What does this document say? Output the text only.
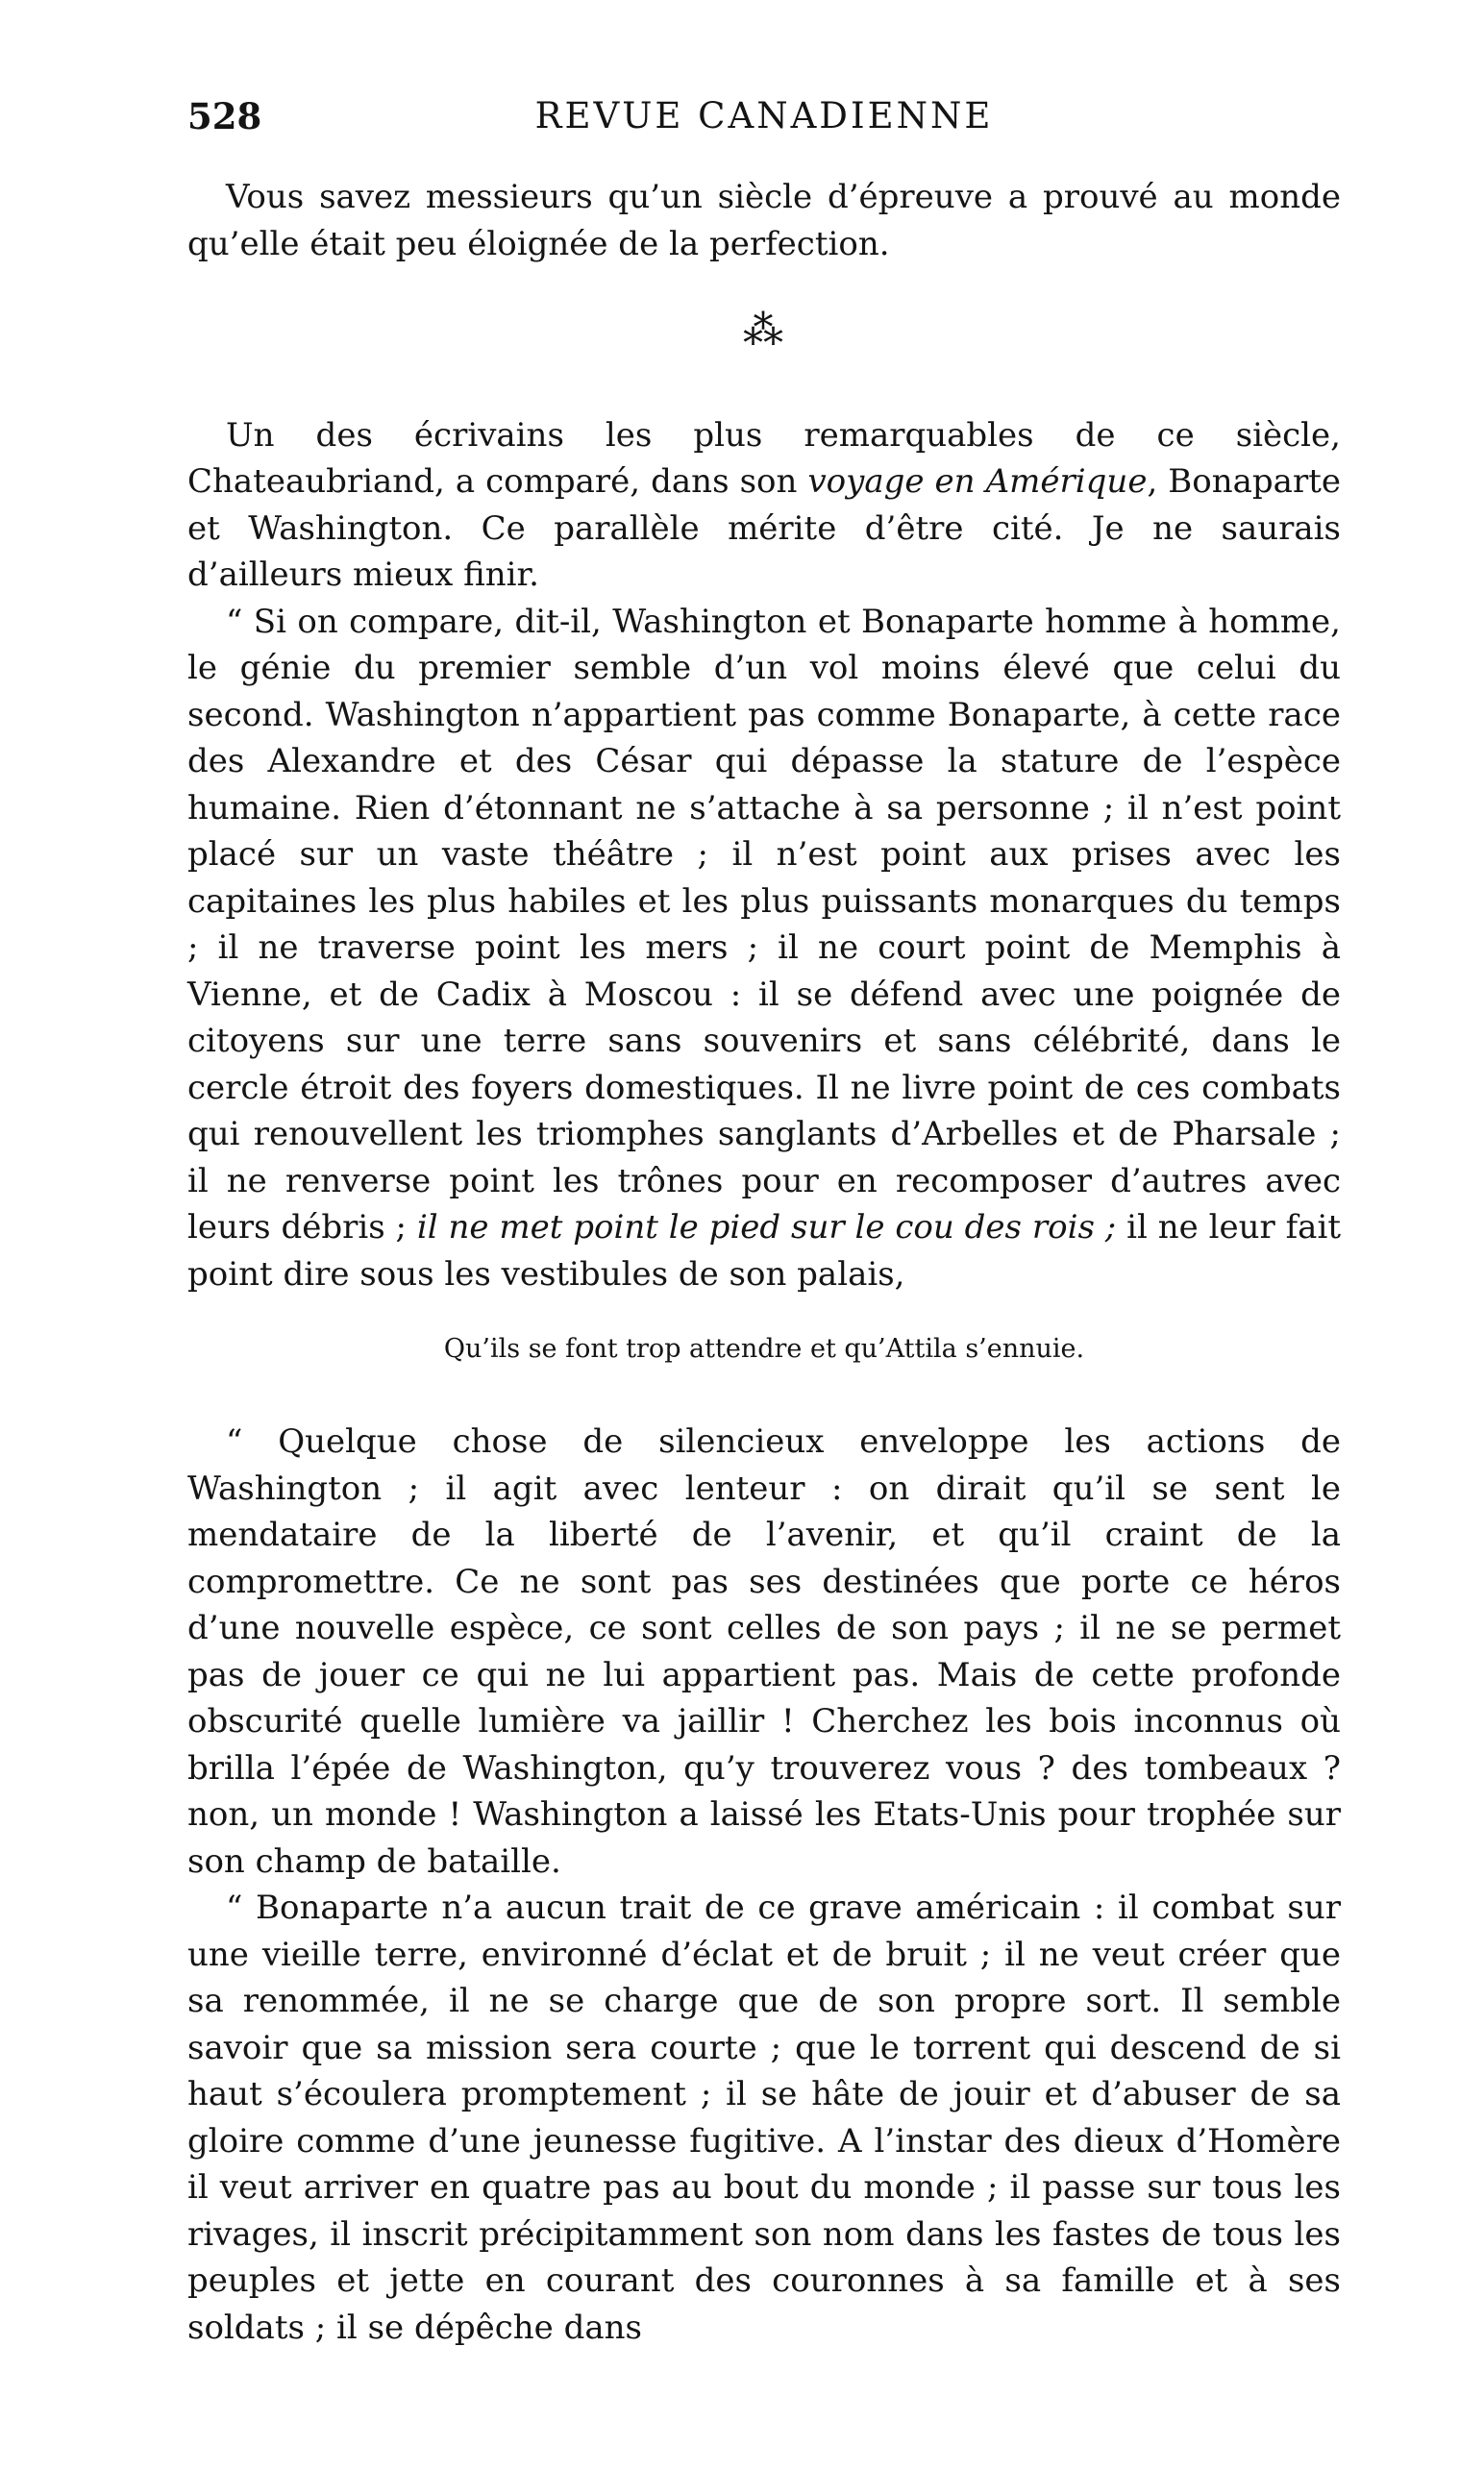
528	REVUE CANADIENNE

Vous savez messieurs qu’un siècle d’épreuve a prouvé au monde qu’elle était peu éloignée de la perfection.

⁂

Un des écrivains les plus remarquables de ce siècle, Chateaubriand, a comparé, dans son voyage en Amérique, Bonaparte et Washington. Ce parallèle mérite d’être cité. Je ne saurais d’ailleurs mieux finir.

“ Si on compare, dit-il, Washington et Bonaparte homme à homme, le génie du premier semble d’un vol moins élevé que celui du second. Washington n’appartient pas comme Bonaparte, à cette race des Alexandre et des César qui dépasse la stature de l’espèce humaine. Rien d’étonnant ne s’attache à sa personne ; il n’est point placé sur un vaste théâtre ; il n’est point aux prises avec les capitaines les plus habiles et les plus puissants monarques du temps ; il ne traverse point les mers ; il ne court point de Memphis à Vienne, et de Cadix à Moscou : il se défend avec une poignée de citoyens sur une terre sans souvenirs et sans célébrité, dans le cercle étroit des foyers domestiques. Il ne livre point de ces combats qui renouvellent les triomphes sanglants d’Arbelles et de Pharsale ; il ne renverse point les trônes pour en recomposer d’autres avec leurs débris ; il ne met point le pied sur le cou des rois ; il ne leur fait point dire sous les vestibules de son palais,

Qu’ils se font trop attendre et qu’Attila s’ennuie.

“ Quelque chose de silencieux enveloppe les actions de Washington ; il agit avec lenteur : on dirait qu’il se sent le mendataire de la liberté de l’avenir, et qu’il craint de la compromettre. Ce ne sont pas ses destinées que porte ce héros d’une nouvelle espèce, ce sont celles de son pays ; il ne se permet pas de jouer ce qui ne lui appartient pas. Mais de cette profonde obscurité quelle lumière va jaillir ! Cherchez les bois inconnus où brilla l’épée de Washington, qu’y trouverez vous ? des tombeaux ? non, un monde ! Washington a laissé les Etats-Unis pour trophée sur son champ de bataille.

“ Bonaparte n’a aucun trait de ce grave américain : il combat sur une vieille terre, environné d’éclat et de bruit ; il ne veut créer que sa renommée, il ne se charge que de son propre sort. Il semble savoir que sa mission sera courte ; que le torrent qui descend de si haut s’écoulera promptement ; il se hâte de jouir et d’abuser de sa gloire comme d’une jeunesse fugitive. A l’instar des dieux d’Homère il veut arriver en quatre pas au bout du monde ; il passe sur tous les rivages, il inscrit précipitamment son nom dans les fastes de tous les peuples et jette en courant des couronnes à sa famille et à ses soldats ; il se dépêche dans
